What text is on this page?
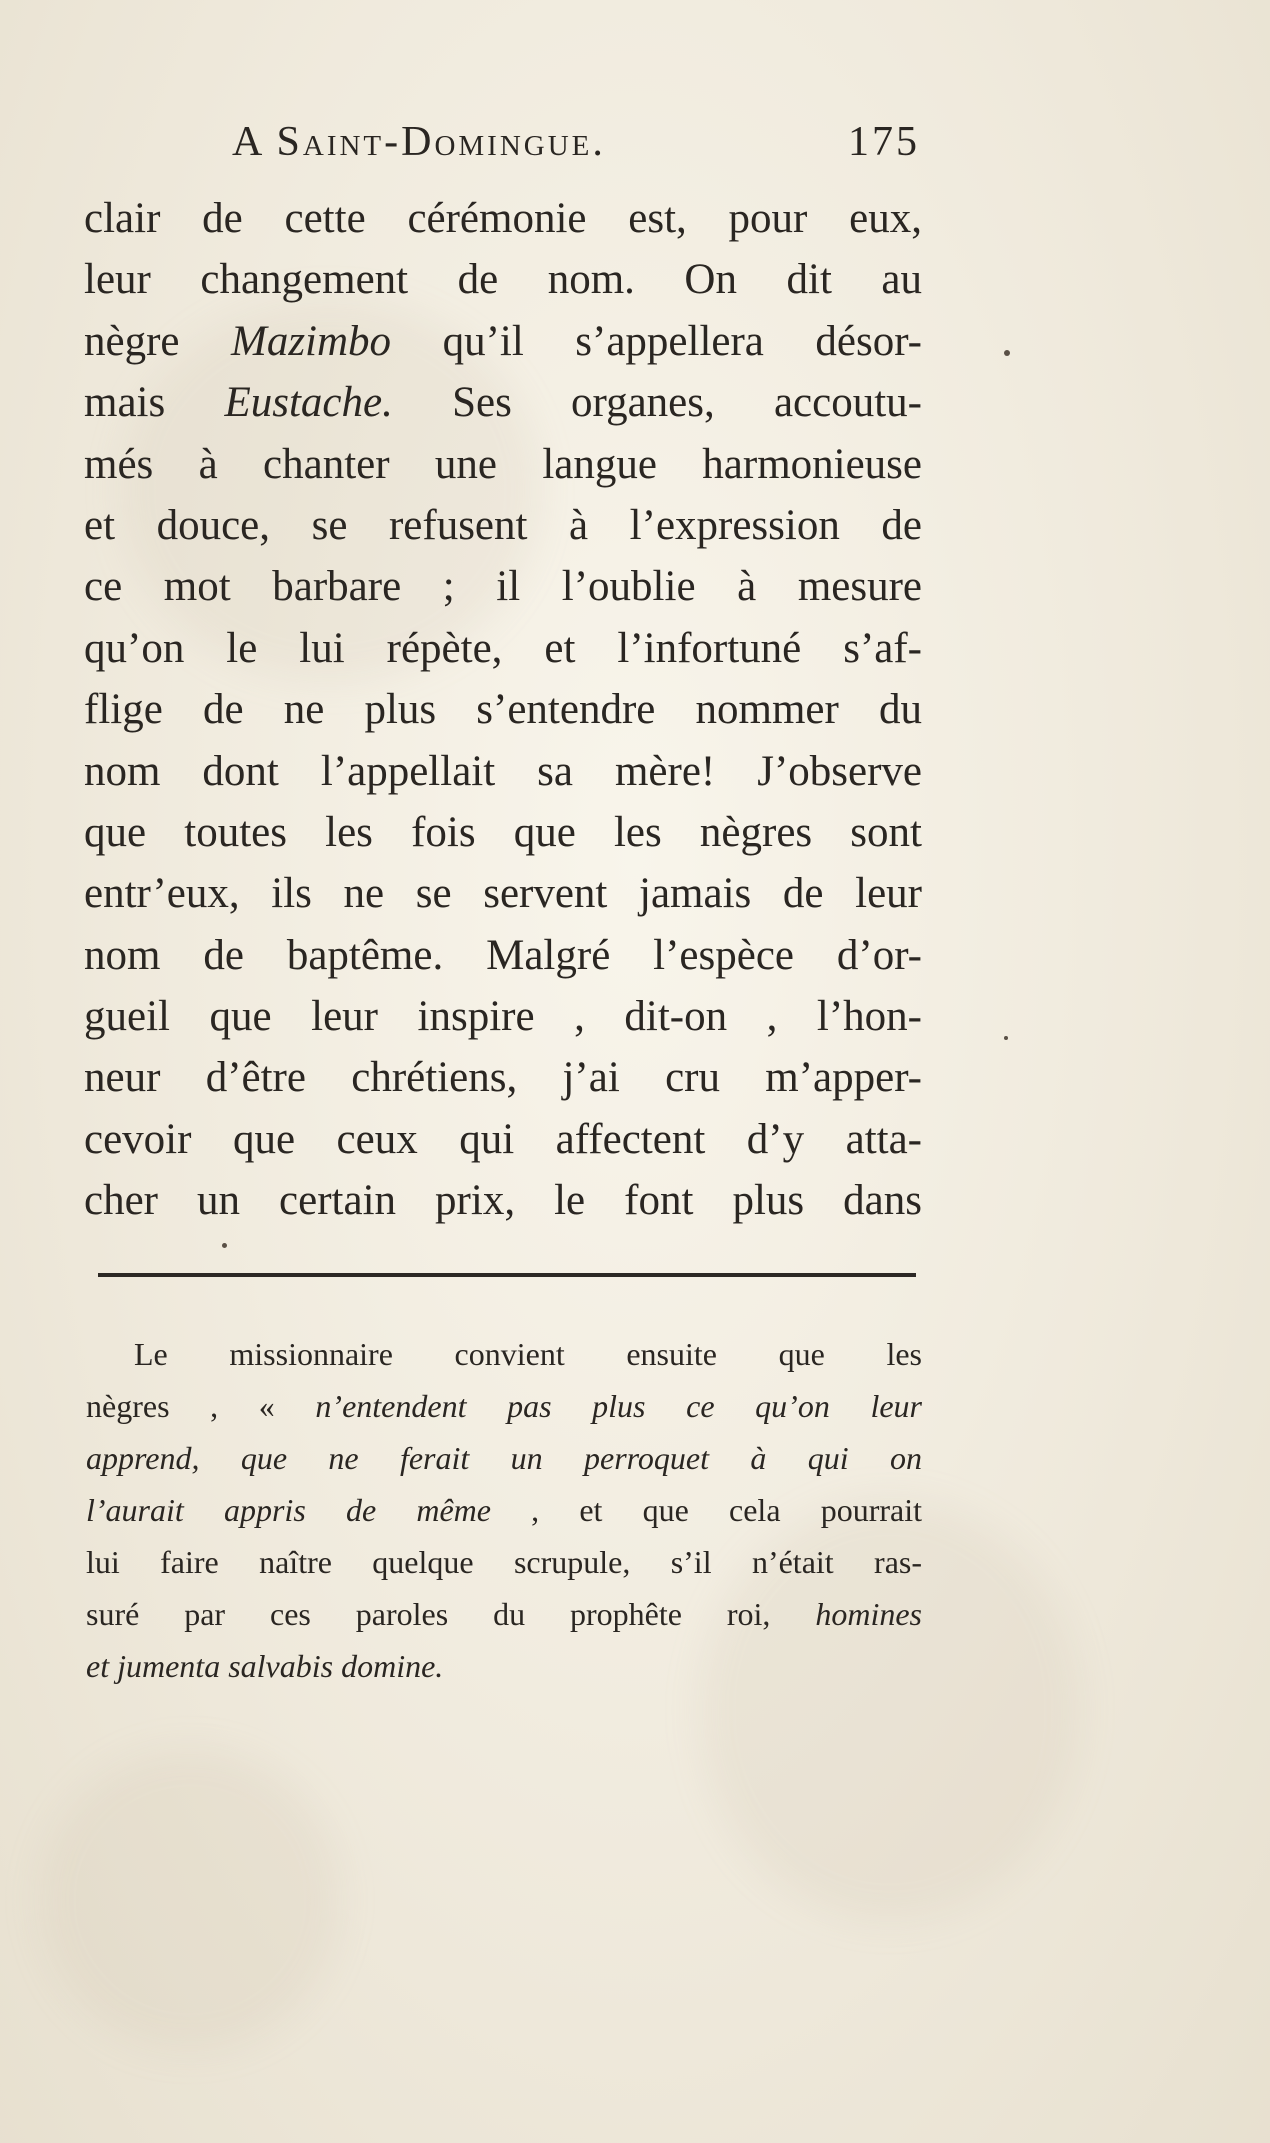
A Saint-Domingue.	175
clair de cette cérémonie est, pour eux,
leur changement de nom. On dit au
nègre Mazimbo qu’il s’appellera désor-
mais Eustache. Ses organes, accoutu-
més à chanter une langue harmonieuse
et douce, se refusent à l’expression de
ce mot barbare ; il l’oublie à mesure
qu’on le lui répète, et l’infortuné s’af-
flige de ne plus s’entendre nommer du
nom dont l’appellait sa mère! J’observe
que toutes les fois que les nègres sont
entr’eux, ils ne se servent jamais de leur
nom de baptême. Malgré l’espèce d’or-
gueil que leur inspire , dit-on , l’hon-
neur d’être chrétiens, j’ai cru m’apper-
cevoir que ceux qui affectent d’y atta-
cher un certain prix, le font plus dans
Le missionnaire convient ensuite que les
nègres , « n’entendent pas plus ce qu’on leur
apprend, que ne ferait un perroquet à qui on
l’aurait appris de même , et que cela pourrait
lui faire naître quelque scrupule, s’il n’était ras-
suré par ces paroles du prophête roi, homines
et jumenta salvabis domine.
